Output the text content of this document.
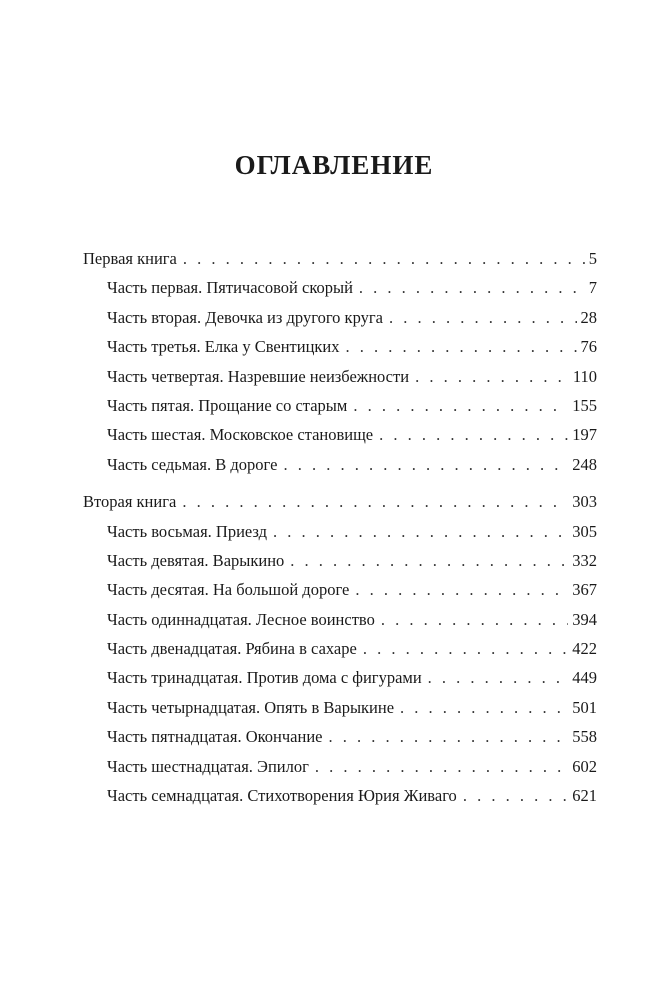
ОГЛАВЛЕНИЕ
Первая книга . . .	5
Часть первая. Пятичасовой скорый . . .	7
Часть вторая. Девочка из другого круга . . .	28
Часть третья. Елка у Свентицких . . .	76
Часть четвертая. Назревшие неизбежности . . .	110
Часть пятая. Прощание со старым . . .	155
Часть шестая. Московское становище . . .	197
Часть седьмая. В дороге . . .	248
Вторая книга . . .	303
Часть восьмая. Приезд . . .	305
Часть девятая. Варыкино . . .	332
Часть десятая. На большой дороге . . .	367
Часть одиннадцатая. Лесное воинство . . .	394
Часть двенадцатая. Рябина в сахаре . . .	422
Часть тринадцатая. Против дома с фигурами . . .	449
Часть четырнадцатая. Опять в Варыкине . . .	501
Часть пятнадцатая. Окончание . . .	558
Часть шестнадцатая. Эпилог . . .	602
Часть семнадцатая. Стихотворения Юрия Живаго . . .	621
